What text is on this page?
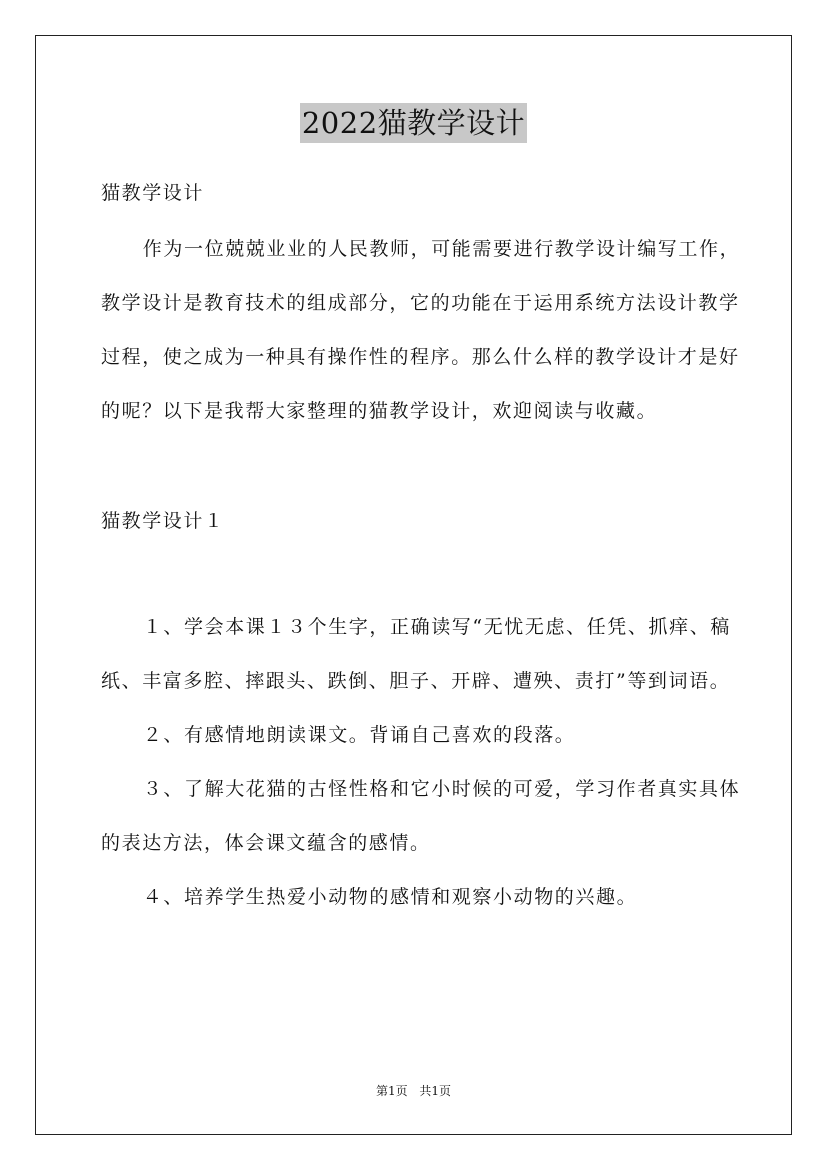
2022猫教学设计
猫教学设计

作为一位兢兢业业的人民教师，可能需要进行教学设计编写工作，教学设计是教育技术的组成部分，它的功能在于运用系统方法设计教学过程，使之成为一种具有操作性的程序。那么什么样的教学设计才是好的呢？以下是我帮大家整理的猫教学设计，欢迎阅读与收藏。

猫教学设计１

１、学会本课１３个生字，正确读写“无忧无虑、任凭、抓痒、稿纸、丰富多腔、摔跟头、跌倒、胆子、开辟、遭殃、责打”等到词语。

２、有感情地朗读课文。背诵自己喜欢的段落。

３、了解大花猫的古怪性格和它小时候的可爱，学习作者真实具体的表达方法，体会课文蕴含的感情。

４、培养学生热爱小动物的感情和观察小动物的兴趣。

第1页 共1页
